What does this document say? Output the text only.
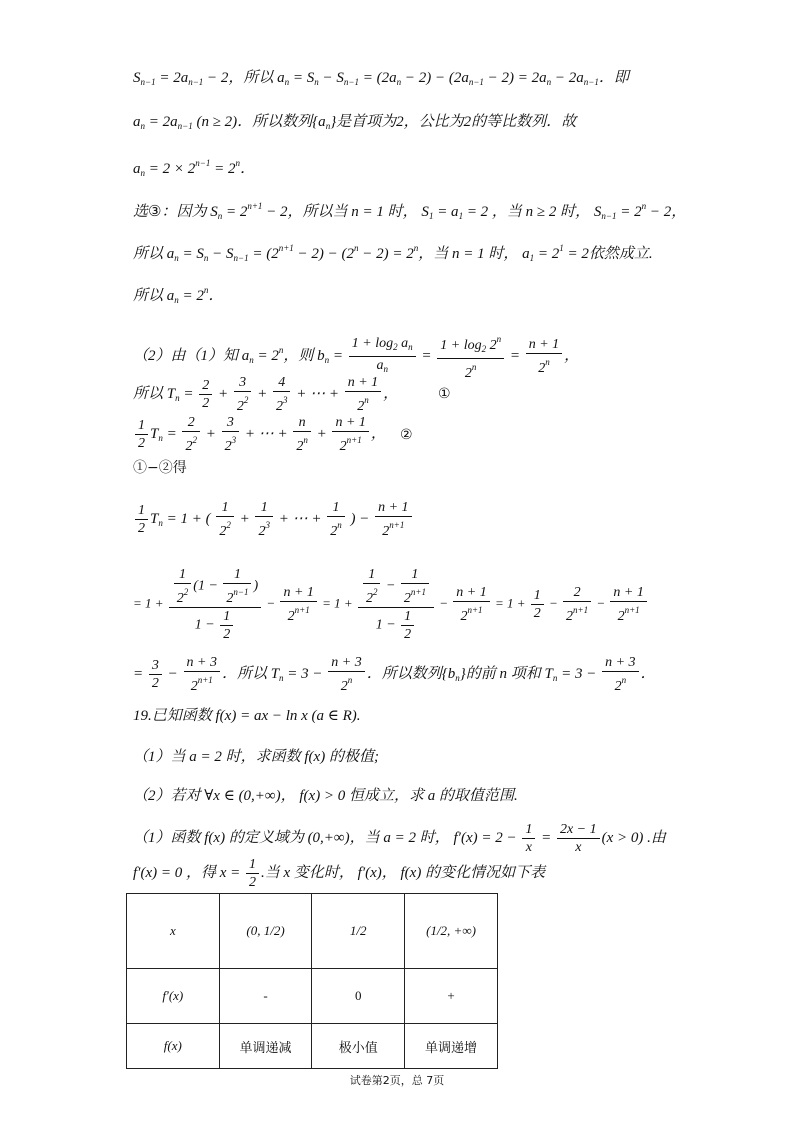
$S_{n-1} = 2a_{n-1} - 2$，所以 $a_n = S_n - S_{n-1} = (2a_n - 2) - (2a_{n-1} - 2) = 2a_n - 2a_{n-1}$．即
$a_n = 2a_{n-1}$ (n ≥ 2)．所以数列$\{a_n\}$是首项为2，公比为2的等比数列．故
$a_n = 2 \times 2^{n-1} = 2^n$．
选③：因为 $S_n = 2^{n+1} - 2$，所以当 n = 1 时， $S_1 = a_1 = 2$ ，当 n ≥ 2 时， $S_{n-1} = 2^n - 2$，
所以 $a_n = S_n - S_{n-1} = (2^{n+1} - 2) - (2^n - 2) = 2^n$，当 n = 1 时， $a_1 = 2^1 = 2$依然成立.
所以 $a_n = 2^n$．
（2）由（1）知 $a_n = 2^n$，则 $b_n = \frac{1 + \log_2 a_n}{a_n} = \frac{1 + \log_2 2^n}{2^n} = \frac{n + 1}{2^n}$ ，
所以 $T_n = \frac{2}{2} + \frac{3}{2^2} + \frac{4}{2^3}$ + ⋯ + $\frac{n + 1}{2^n}$ ，	①
$\frac{1}{2} T_n = \frac{2}{2^2} + \frac{3}{2^3}$ + ⋯ + $\frac{n}{2^n} + \frac{n + 1}{2^{n+1}}$ ， ②
①−②得
$\frac{1}{2} T_n = 1$ + ( $\frac{1}{2^2} + \frac{1}{2^3}$ + ⋯ + $\frac{1}{2^n}$ ) − $\frac{n + 1}{2^{n+1}}$
= $1 + \frac{\frac{1}{2^2} (1 - \frac{1}{2^{n-1}} )}{1 - \frac{1}{2}} - \frac{n + 1}{2^{n+1}} = 1 + \frac{\frac{1}{2^2} - \frac{1}{2^{n+1}}}{1 - \frac{1}{2}} - \frac{n + 1}{2^{n+1}} = 1 + \frac{1}{2} - \frac{2}{2^{n+1}} - \frac{n + 1}{2^{n+1}}$
= $\frac{3}{2} - \frac{n + 3}{2^{n+1}}$ ．所以 $T_n = 3 - \frac{n + 3}{2^n}$ ．所以数列$\{b_n\}$的前 n 项和 $T_n = 3 - \frac{n + 3}{2^n}$ ．
19.已知函数 f(x) = ax − ln x (a ∈ R).
（1）当 a = 2 时，求函数 f(x) 的极值;
（2）若对 ∀x ∈ (0,+∞)， f(x) > 0 恒成立，求 a 的取值范围.
（1）函数 f(x) 的定义域为 (0,+∞)，当 a = 2 时， $f'(x) = 2 - \frac{1}{x} = \frac{2x - 1}{x} (x > 0)$ .由
f′(x) = 0 ，得 $x = \frac{1}{2}$ .当 x 变化时， f′(x)， f(x) 的变化情况如下表
x	(0, 1/2)	1/2	(1/2, +∞)
f′(x)	-	0	+
f(x)	单调递减	极小值	单调递增
试卷第2页，总 7页
